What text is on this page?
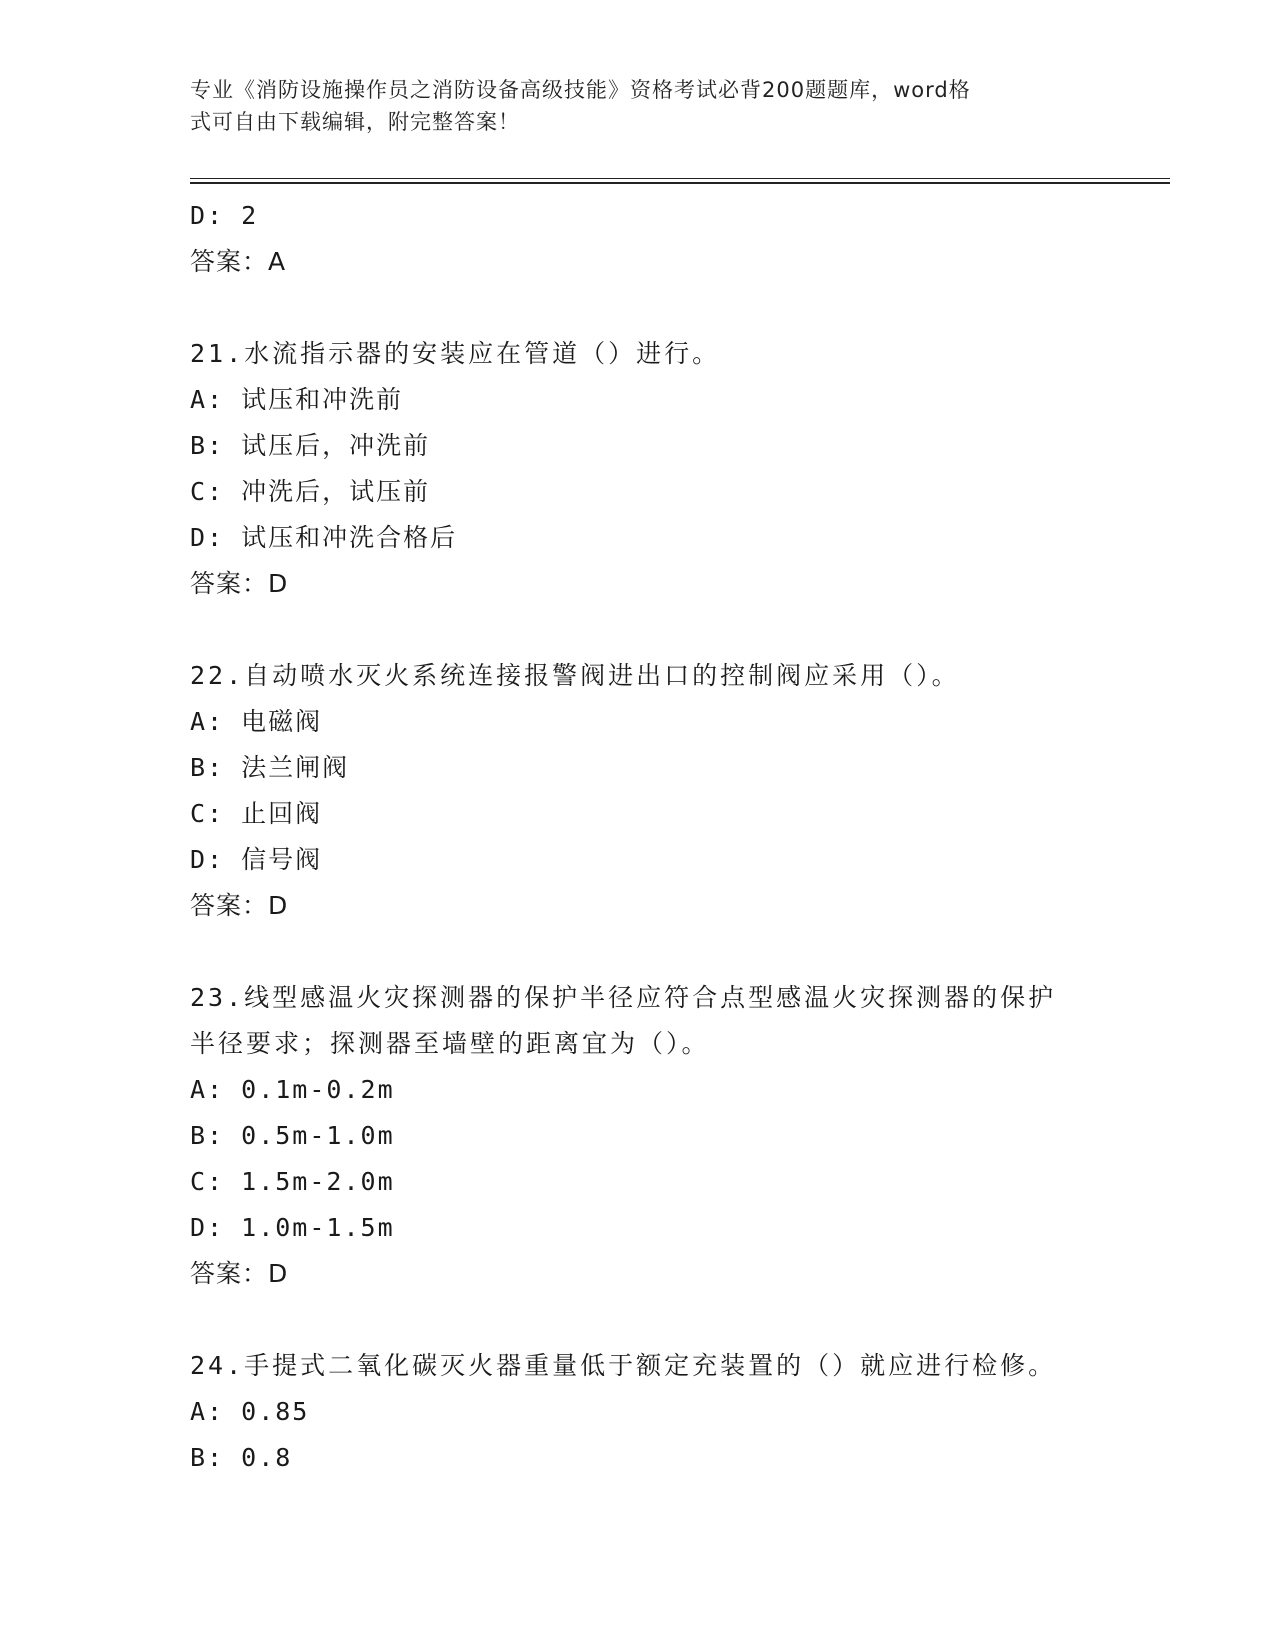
专业《消防设施操作员之消防设备高级技能》资格考试必背200题题库，word格
式可自由下载编辑，附完整答案！
D: 2
答案：A
21.水流指示器的安装应在管道（）进行。
A: 试压和冲洗前
B: 试压后，冲洗前
C: 冲洗后，试压前
D: 试压和冲洗合格后
答案：D
22.自动喷水灭火系统连接报警阀进出口的控制阀应采用（）。
A: 电磁阀
B: 法兰闸阀
C: 止回阀
D: 信号阀
答案：D
23.线型感温火灾探测器的保护半径应符合点型感温火灾探测器的保护
半径要求；探测器至墙壁的距离宜为（）。
A: 0.1m-0.2m
B: 0.5m-1.0m
C: 1.5m-2.0m
D: 1.0m-1.5m
答案：D
24.手提式二氧化碳灭火器重量低于额定充装置的（）就应进行检修。
A: 0.85
B: 0.8
